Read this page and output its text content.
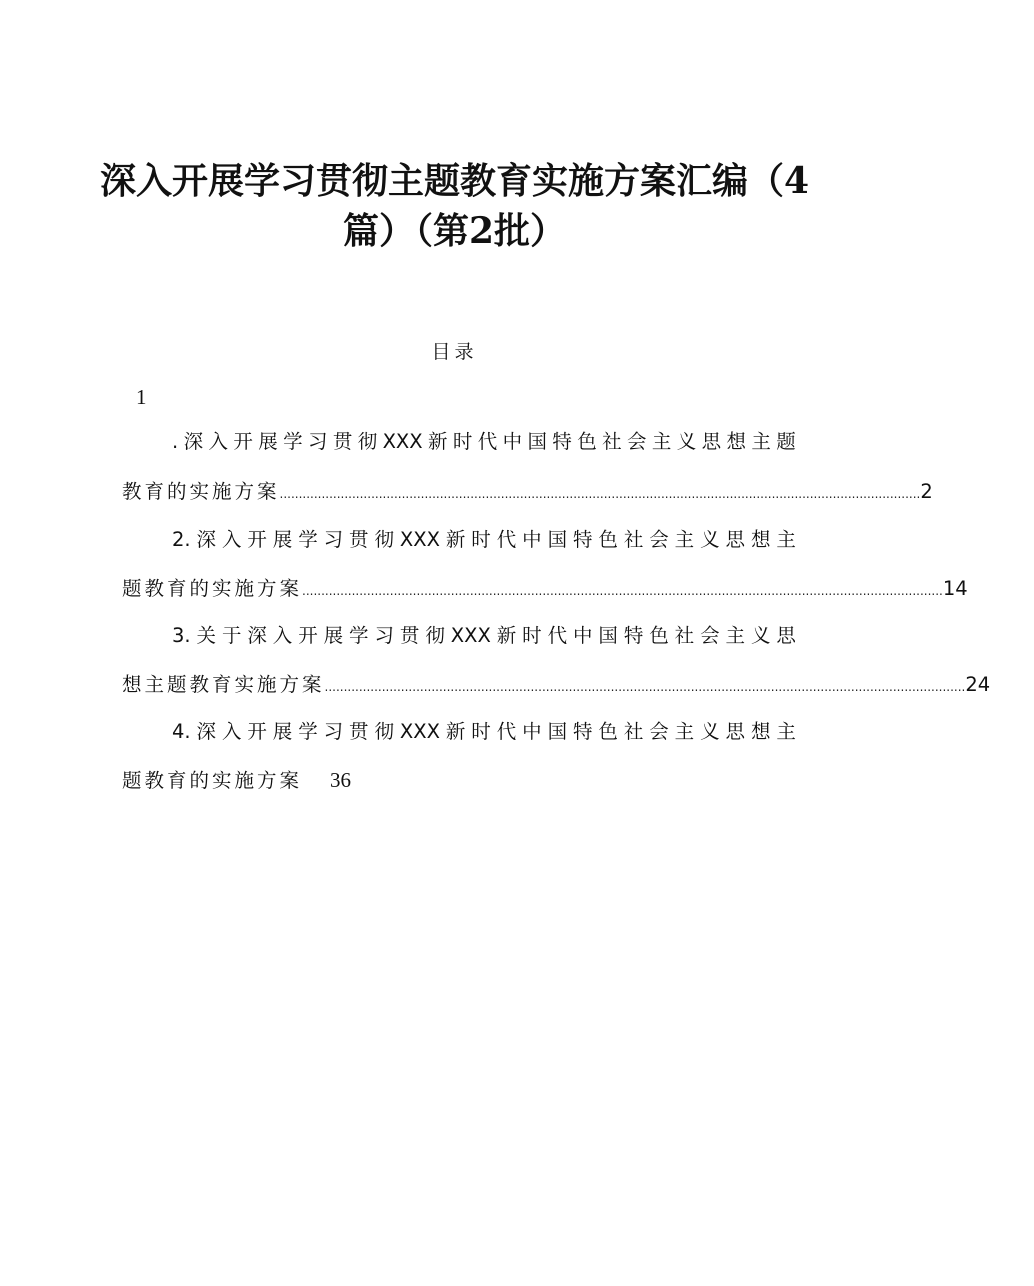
深入开展学习贯彻主题教育实施方案汇编（4
篇）（第2批）
目录
1
. 深 入 开 展 学 习 贯 彻 XXX 新 时 代 中 国 特 色 社 会 主 义 思 想 主 题
教育的实施方案 ........................................................................................................................................................................ 2
2. 深 入 开 展 学 习 贯 彻 XXX 新 时 代 中 国 特 色 社 会 主 义 思 想 主
题教育的实施方案 ........................................................................................................................................................................ 14
3. 关 于 深 入 开 展 学 习 贯 彻 XXX 新 时 代 中 国 特 色 社 会 主 义 思
想主题教育实施方案 ........................................................................................................................................................................ 24
4. 深 入 开 展 学 习 贯 彻 XXX 新 时 代 中 国 特 色 社 会 主 义 思 想 主
题教育的实施方案	36
